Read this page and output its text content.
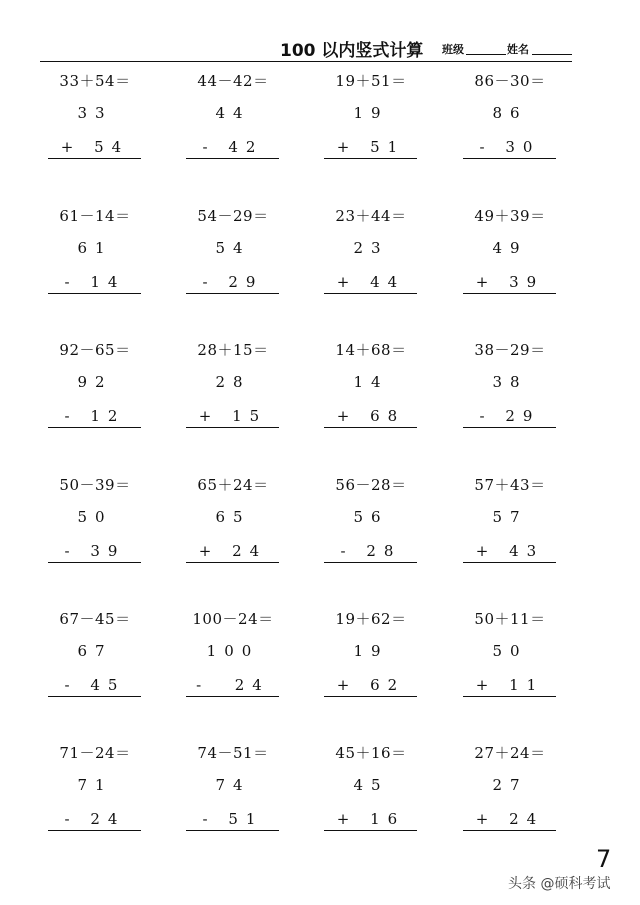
100 以内竖式计算 班级	姓名
33＋54＝
33
+ 54
44－42＝
44
- 42
19＋51＝
19
+ 51
86－30＝
86
- 30
61－14＝
61
- 14
54－29＝
54
- 29
23＋44＝
23
+ 44
49＋39＝
49
+ 39
92－65＝
92
- 12
28＋15＝
28
+ 15
14＋68＝
14
+ 68
38－29＝
38
- 29
50－39＝
50
- 39
65＋24＝
65
+ 24
56－28＝
56
- 28
57＋43＝
57
+ 43
67－45＝
67
- 45
100－24＝
100
-  24
19＋62＝
19
+ 62
50＋11＝
50
+ 11
71－24＝
71
- 24
74－51＝
74
- 51
45＋16＝
45
+ 16
27＋24＝
27
+ 24
7
头条 @硕科考试
